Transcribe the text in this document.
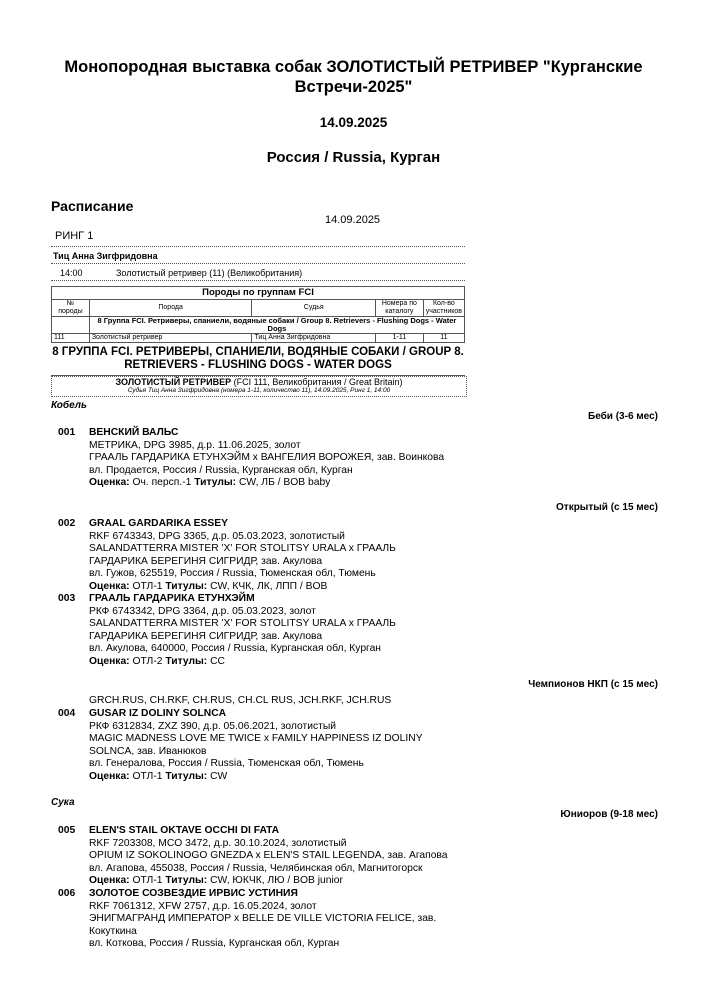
Монопородная выставка собак ЗОЛОТИСТЫЙ РЕТРИВЕР "Курганские Встречи-2025"
14.09.2025
Россия / Russia, Курган
Расписание
14.09.2025
РИНГ 1
Тиц Анна Зигфридовна
14:00	Золотистый ретривер (11) (Великобритания)
Породы по группам FCI				
№ породы	Порода	Судья	Номера по каталогу	Кол-во участников
	8 Группа FCI. Ретриверы, спаниели, водяные собаки / Group 8. Retrievers - Flushing Dogs - Water Dogs			
111	Золотистый ретривер	Тиц Анна Зигфридовна	1-11	11
8 ГРУППА FCI. РЕТРИВЕРЫ, СПАНИЕЛИ, ВОДЯНЫЕ СОБАКИ / GROUP 8. RETRIEVERS - FLUSHING DOGS - WATER DOGS
ЗОЛОТИСТЫЙ РЕТРИВЕР (FCI 111, Великобритания / Great Britain)
Судья Тиц Анна Зигфридовна (номера 1-11, количество 11), 14.09.2025, Ринг 1, 14:00
Кобель
Беби (3-6 мес)
001 ВЕНСКИЙ ВАЛЬС
МЕТРИКА, DPG 3985, д.р. 11.06.2025, золот
ГРААЛЬ ГАРДАРИКА ЕТУНХЭЙМ x ВАНГЕЛИЯ ВОРОЖЕЯ, зав. Воинкова
вл. Продается, Россия / Russia, Курганская обл, Курган
Оценка: Оч. персп.-1 Титулы: CW, ЛБ / BOB baby
Открытый (с 15 мес)
002 GRAAL GARDARIKA ESSEY
RKF 6743343, DPG 3365, д.р. 05.03.2023, золотистый
SALANDATTERRA MISTER 'X' FOR STOLITSY URALA x ГРААЛЬ
ГАРДАРИКА БЕРЕГИНЯ СИГРИДР, зав. Акулова
вл. Гужов, 625519, Россия / Russia, Тюменская обл, Тюмень
Оценка: ОТЛ-1 Титулы: CW, КЧК, ЛК, ЛПП / BOB
003 ГРААЛЬ ГАРДАРИКА ЕТУНХЭЙМ
РКФ 6743342, DPG 3364, д.р. 05.03.2023, золот
SALANDATTERRA MISTER 'X' FOR STOLITSY URALA x ГРААЛЬ
ГАРДАРИКА БЕРЕГИНЯ СИГРИДР, зав. Акулова
вл. Акулова, 640000, Россия / Russia, Курганская обл, Курган
Оценка: ОТЛ-2 Титулы: CC
Чемпионов НКП (с 15 мес)
GRCH.RUS, CH.RKF, CH.RUS, CH.CL RUS, JCH.RKF, JCH.RUS
004 GUSAR IZ DOLINY SOLNCA
РКФ 6312834, ZXZ 390, д.р. 05.06.2021, золотистый
MAGIC MADNESS LOVE ME TWICE x FAMILY HAPPINESS IZ DOLINY
SOLNCA, зав. Иванюков
вл. Генералова, Россия / Russia, Тюменская обл, Тюмень
Оценка: ОТЛ-1 Титулы: CW
Сука
Юниоров (9-18 мес)
005 ELEN'S STAIL OKTAVE OCCHI DI FATA
RKF 7203308, MCO 3472, д.р. 30.10.2024, золотистый
OPIUM IZ SOKOLINOGO GNEZDA x ELEN'S STAIL LEGENDA, зав. Агапова
вл. Агапова, 455038, Россия / Russia, Челябинская обл, Магнитогорск
Оценка: ОТЛ-1 Титулы: CW, ЮКЧК, ЛЮ / BOB junior
006 ЗОЛОТОЕ СОЗВЕЗДИЕ ИРВИС УСТИНИЯ
RKF 7061312, XFW 2757, д.р. 16.05.2024, золот
ЭНИГМАГРАНД ИМПЕРАТОР x BELLE DE VILLE VICTORIA FELICE, зав.
Кокуткина
вл. Коткова, Россия / Russia, Курганская обл, Курган
